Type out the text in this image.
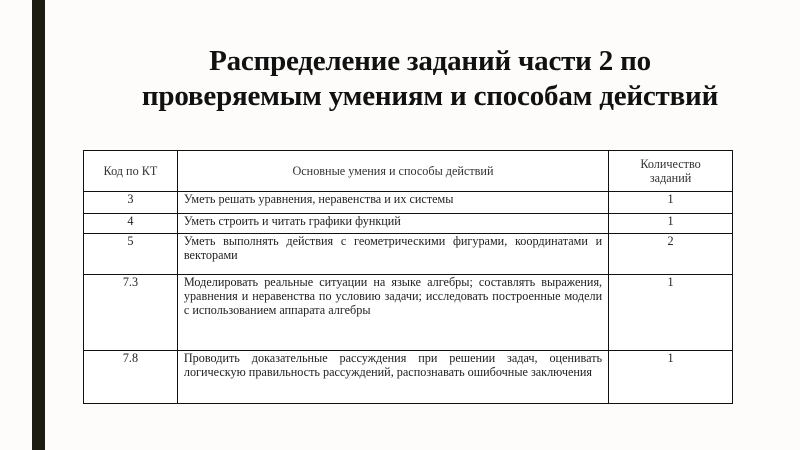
Распределение заданий части 2 по
проверяемым умениям и способам действий
Код по КТ	Основные умения и способы действий	Количество
заданий
3	Уметь решать уравнения, неравенства и их системы	1
4	Уметь строить и читать графики функций	1
5	Уметь выполнять действия с геометрическими фигурами, координатами и векторами	2
7.3	Моделировать реальные ситуации на языке алгебры; составлять выражения, уравнения и неравенства по условию задачи; исследовать построенные модели с использованием аппарата алгебры	1
7.8	Проводить доказательные рассуждения при решении задач, оценивать логическую правильность рассуждений, распознавать ошибочные заключения	1
